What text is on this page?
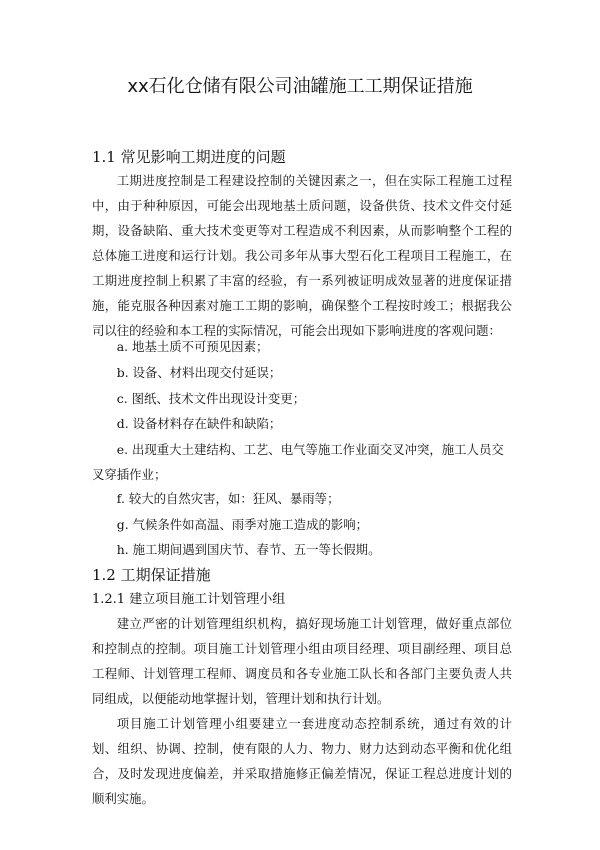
xx石化仓储有限公司油罐施工工期保证措施
1.1 常见影响工期进度的问题

工期进度控制是工程建设控制的关键因素之一，但在实际工程施工过程中，由于种种原因，可能会出现地基土质问题，设备供货、技术文件交付延期，设备缺陷、重大技术变更等对工程造成不利因素，从而影响整个工程的总体施工进度和运行计划。我公司多年从事大型石化工程项目工程施工，在工期进度控制上积累了丰富的经验，有一系列被证明成效显著的进度保证措施，能克服各种因素对施工工期的影响，确保整个工程按时竣工；根据我公司以往的经验和本工程的实际情况，可能会出现如下影响进度的客观问题：

a. 地基土质不可预见因素；

b. 设备、材料出现交付延误；

c. 图纸、技术文件出现设计变更；

d. 设备材料存在缺件和缺陷；

e. 出现重大土建结构、工艺、电气等施工作业面交叉冲突，施工人员交叉穿插作业；

f. 较大的自然灾害，如：狂风、暴雨等；

g. 气候条件如高温、雨季对施工造成的影响；

h. 施工期间遇到国庆节、春节、五一等长假期。

1.2 工期保证措施
1.2.1 建立项目施工计划管理小组

建立严密的计划管理组织机构，搞好现场施工计划管理，做好重点部位和控制点的控制。项目施工计划管理小组由项目经理、项目副经理、项目总工程师、计划管理工程师、调度员和各专业施工队长和各部门主要负责人共同组成，以便能动地掌握计划，管理计划和执行计划。

项目施工计划管理小组要建立一套进度动态控制系统，通过有效的计划、组织、协调、控制，使有限的人力、物力、财力达到动态平衡和优化组合，及时发现进度偏差，并采取措施修正偏差情况，保证工程总进度计划的顺利实施。
